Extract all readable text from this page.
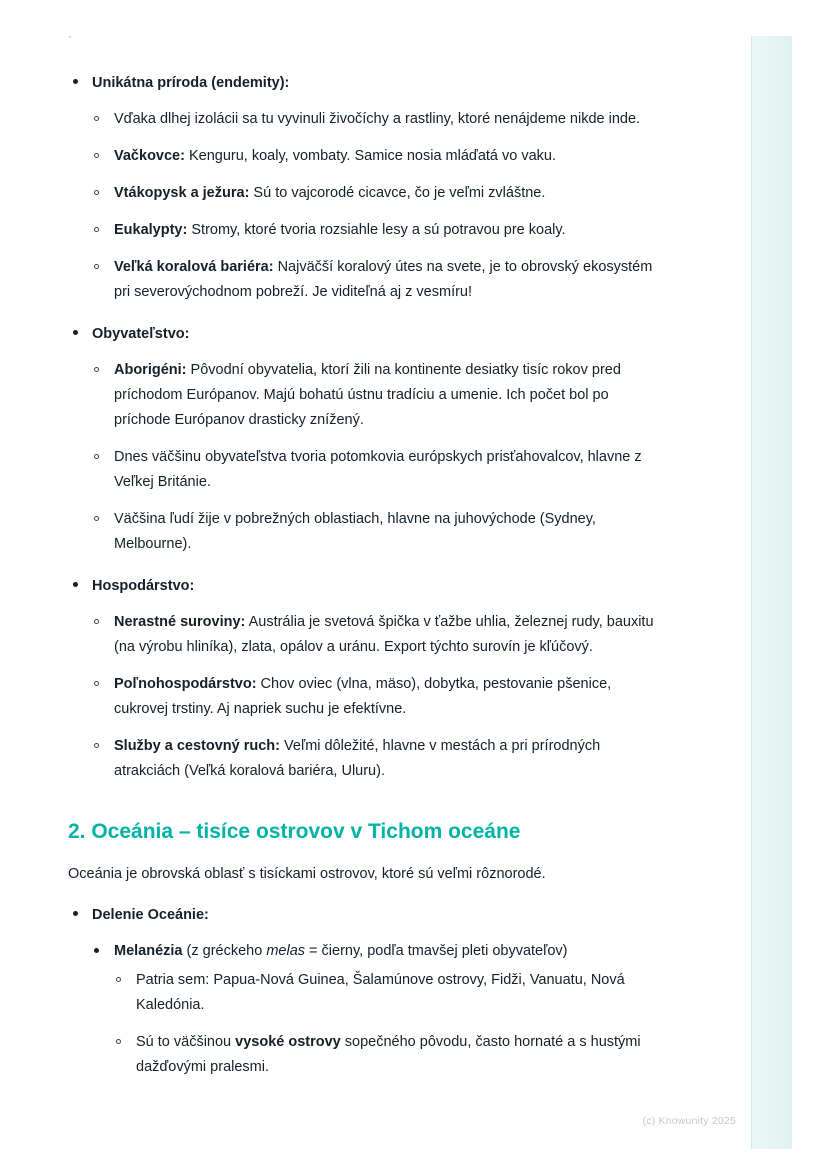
`
Unikátna príroda (endemity):
Vďaka dlhej izolácii sa tu vyvinuli živočíchy a rastliny, ktoré nenájdeme nikde inde.
Vačkovce: Kenguru, koaly, vombaty. Samice nosia mláďatá vo vaku.
Vtákopysk a ježura: Sú to vajcorodé cicavce, čo je veľmi zvláštne.
Eukalypty: Stromy, ktoré tvoria rozsiahle lesy a sú potravou pre koaly.
Veľká koralová bariéra: Najväčší koralový útes na svete, je to obrovský ekosystém pri severovýchodnom pobreží. Je viditeľná aj z vesmíru!
Obyvateľstvo:
Aborigéni: Pôvodní obyvatelia, ktorí žili na kontinente desiatky tisíc rokov pred príchodom Európanov. Majú bohatú ústnu tradíciu a umenie. Ich počet bol po príchode Európanov drasticky znížený.
Dnes väčšinu obyvateľstva tvoria potomkovia európskych prisťahovalcov, hlavne z Veľkej Británie.
Väčšina ľudí žije v pobrežných oblastiach, hlavne na juhovýchode (Sydney, Melbourne).
Hospodárstvo:
Nerastné suroviny: Austrália je svetová špička v ťažbe uhlia, železnej rudy, bauxitu (na výrobu hliníka), zlata, opálov a uránu. Export týchto surovín je kľúčový.
Poľnohospodárstvo: Chov oviec (vlna, mäso), dobytka, pestovanie pšenice, cukrovej trstiny. Aj napriek suchu je efektívne.
Služby a cestovný ruch: Veľmi dôležité, hlavne v mestách a pri prírodných atrakciách (Veľká koralová bariéra, Uluru).
2. Oceánia – tisíce ostrovov v Tichom oceáne

Oceánia je obrovská oblasť s tisíckami ostrovov, ktoré sú veľmi rôznorodé.

Delenie Oceánie:
Melanézia (z gréckeho melas = čierny, podľa tmavšej pleti obyvateľov)
Patria sem: Papua-Nová Guinea, Šalamúnove ostrovy, Fidži, Vanuatu, Nová Kaledónia.
Sú to väčšinou vysoké ostrovy sopečného pôvodu, často hornaté a s hustými dažďovými pralesmi.
(c) Knowunity 2025
